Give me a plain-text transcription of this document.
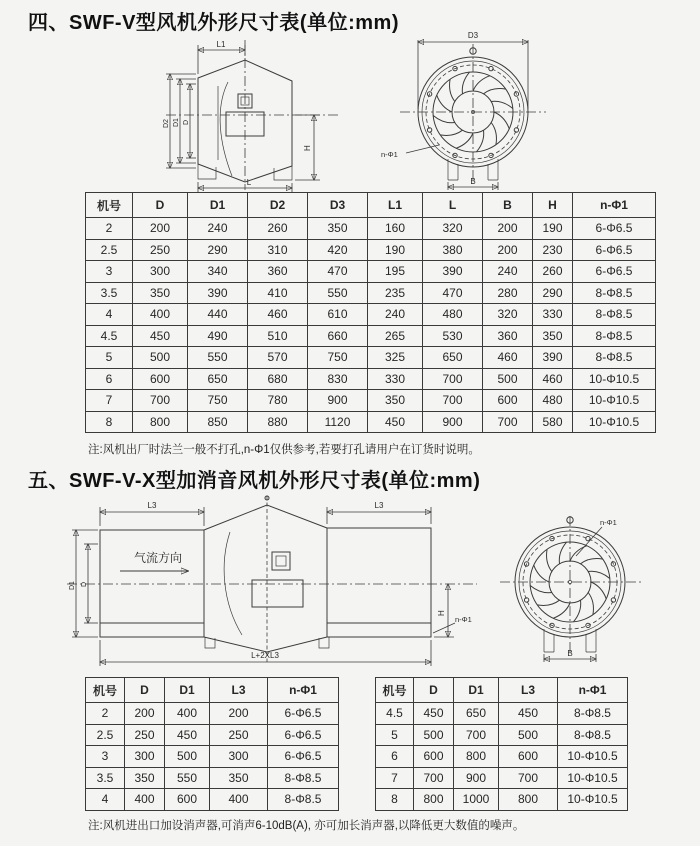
四、SWF-V型风机外形尺寸表(单位:mm)
L1
L
H
D2 D1 D
D3
n-Φ1
B
机号	D	D1	D2	D3	L1	L	B	H	n-Φ1
2	200	240	260	350	160	320	200	190	6-Φ6.5
2.5	250	290	310	420	190	380	200	230	6-Φ6.5
3	300	340	360	470	195	390	240	260	6-Φ6.5
3.5	350	390	410	550	235	470	280	290	8-Φ8.5
4	400	440	460	610	240	480	320	330	8-Φ8.5
4.5	450	490	510	660	265	530	360	350	8-Φ8.5
5	500	550	570	750	325	650	460	390	8-Φ8.5
6	600	650	680	830	330	700	500	460	10-Φ10.5
7	700	750	780	900	350	700	600	480	10-Φ10.5
8	800	850	880	1120	450	900	700	580	10-Φ10.5
注:风机出厂时法兰一般不打孔,n-Φ1仅供参考,若要打孔请用户在订货时说明。
五、SWF-V-X型加消音风机外形尺寸表(单位:mm)
气流方向
L3	L3
D1 D
H
n-Φ1
L+2XL3
n-Φ1
B
机号	D	D1	L3	n-Φ1
2	200	400	200	6-Φ6.5
2.5	250	450	250	6-Φ6.5
3	300	500	300	6-Φ6.5
3.5	350	550	350	8-Φ8.5
4	400	600	400	8-Φ8.5
机号	D	D1	L3	n-Φ1
4.5	450	650	450	8-Φ8.5
5	500	700	500	8-Φ8.5
6	600	800	600	10-Φ10.5
7	700	900	700	10-Φ10.5
8	800	1000	800	10-Φ10.5
注:风机进出口加设消声器,可消声6-10dB(A), 亦可加长消声器,以降低更大数值的噪声。
